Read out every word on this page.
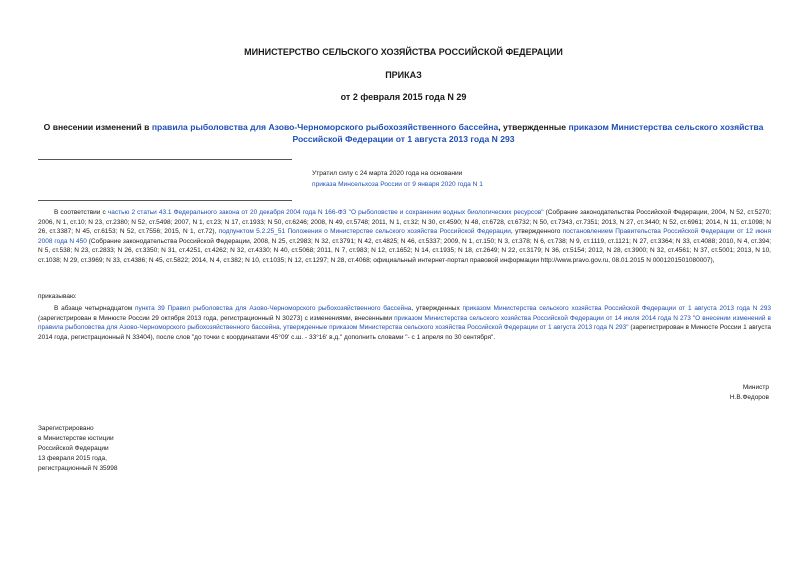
МИНИСТЕРСТВО СЕЛЬСКОГО ХОЗЯЙСТВА РОССИЙСКОЙ ФЕДЕРАЦИИ
ПРИКАЗ
от 2 февраля 2015 года N 29
О внесении изменений в правила рыболовства для Азово-Черноморского рыбохозяйственного бассейна, утвержденные приказом Министерства сельского хозяйства Российской Федерации от 1 августа 2013 года N 293
Утратил силу с 24 марта 2020 года на основании
приказа Минсельхоза России от 9 января 2020 года N 1
В соответствии с частью 2 статьи 43.1 Федерального закона от 20 декабря 2004 года N 166-ФЗ "О рыболовстве и сохранении водных биологических ресурсов" (Собрание законодательства Российской Федерации, 2004, N 52, ст.5270; 2006, N 1, ст.10; N 23, ст.2380; N 52, ст.5498; 2007, N 1, ст.23; N 17, ст.1933; N 50, ст.6246; 2008, N 49, ст.5748; 2011, N 1, ст.32; N 30, ст.4590; N 48, ст.6728, ст.6732; N 50, ст.7343, ст.7351; 2013, N 27, ст.3440; N 52, ст.6961; 2014, N 11, ст.1098; N 26, ст.3387; N 45, ст.6153; N 52, ст.7556; 2015, N 1, ст.72), подпунктом 5.2.25_51 Положения о Министерстве сельского хозяйства Российской Федерации, утвержденного постановлением Правительства Российской Федерации от 12 июня 2008 года N 450 (Собрание законодательства Российской Федерации, 2008, N 25, ст.2983; N 32, ст.3791; N 42, ст.4825; N 46, ст.5337; 2009, N 1, ст.150; N 3, ст.378; N 6, ст.738; N 9, ст.1119, ст.1121; N 27, ст.3364; N 33, ст.4088; 2010, N 4, ст.394; N 5, ст.538; N 23, ст.2833; N 26, ст.3350; N 31, ст.4251, ст.4262; N 32, ст.4330; N 40, ст.5068; 2011, N 7, ст.983; N 12, ст.1652; N 14, ст.1935; N 18, ст.2649; N 22, ст.3179; N 36, ст.5154; 2012, N 28, ст.3900; N 32, ст.4561; N 37, ст.5001; 2013, N 10, ст.1038; N 29, ст.3969; N 33, ст.4386; N 45, ст.5822; 2014, N 4, ст.382; N 10, ст.1035; N 12, ст.1297; N 28, ст.4068; официальный интернет-портал правовой информации http://www.pravo.gov.ru, 08.01.2015 N 0001201501080007),
приказываю:
В абзаце четырнадцатом пункта 39 Правил рыболовства для Азово-Черноморского рыбохозяйственного бассейна, утвержденных приказом Министерства сельского хозяйства Российской Федерации от 1 августа 2013 года N 293 (зарегистрирован в Минюсте России 29 октября 2013 года, регистрационный N 30273) с изменениями, внесенными приказом Министерства сельского хозяйства Российской Федерации от 14 июля 2014 года N 273 "О внесении изменений в правила рыболовства для Азово-Черноморского рыбохозяйственного бассейна, утвержденные приказом Министерства сельского хозяйства Российской Федерации от 1 августа 2013 года N 293" (зарегистрирован в Минюсте России 1 августа 2014 года, регистрационный N 33404), после слов "до точки с координатами 45°09' с.ш. - 33°16' в.д." дополнить словами "- с 1 апреля по 30 сентября".
Министр
Н.В.Федоров
Зарегистрировано
в Министерстве юстиции
Российской Федерации
13 февраля 2015 года,
регистрационный N 35998
